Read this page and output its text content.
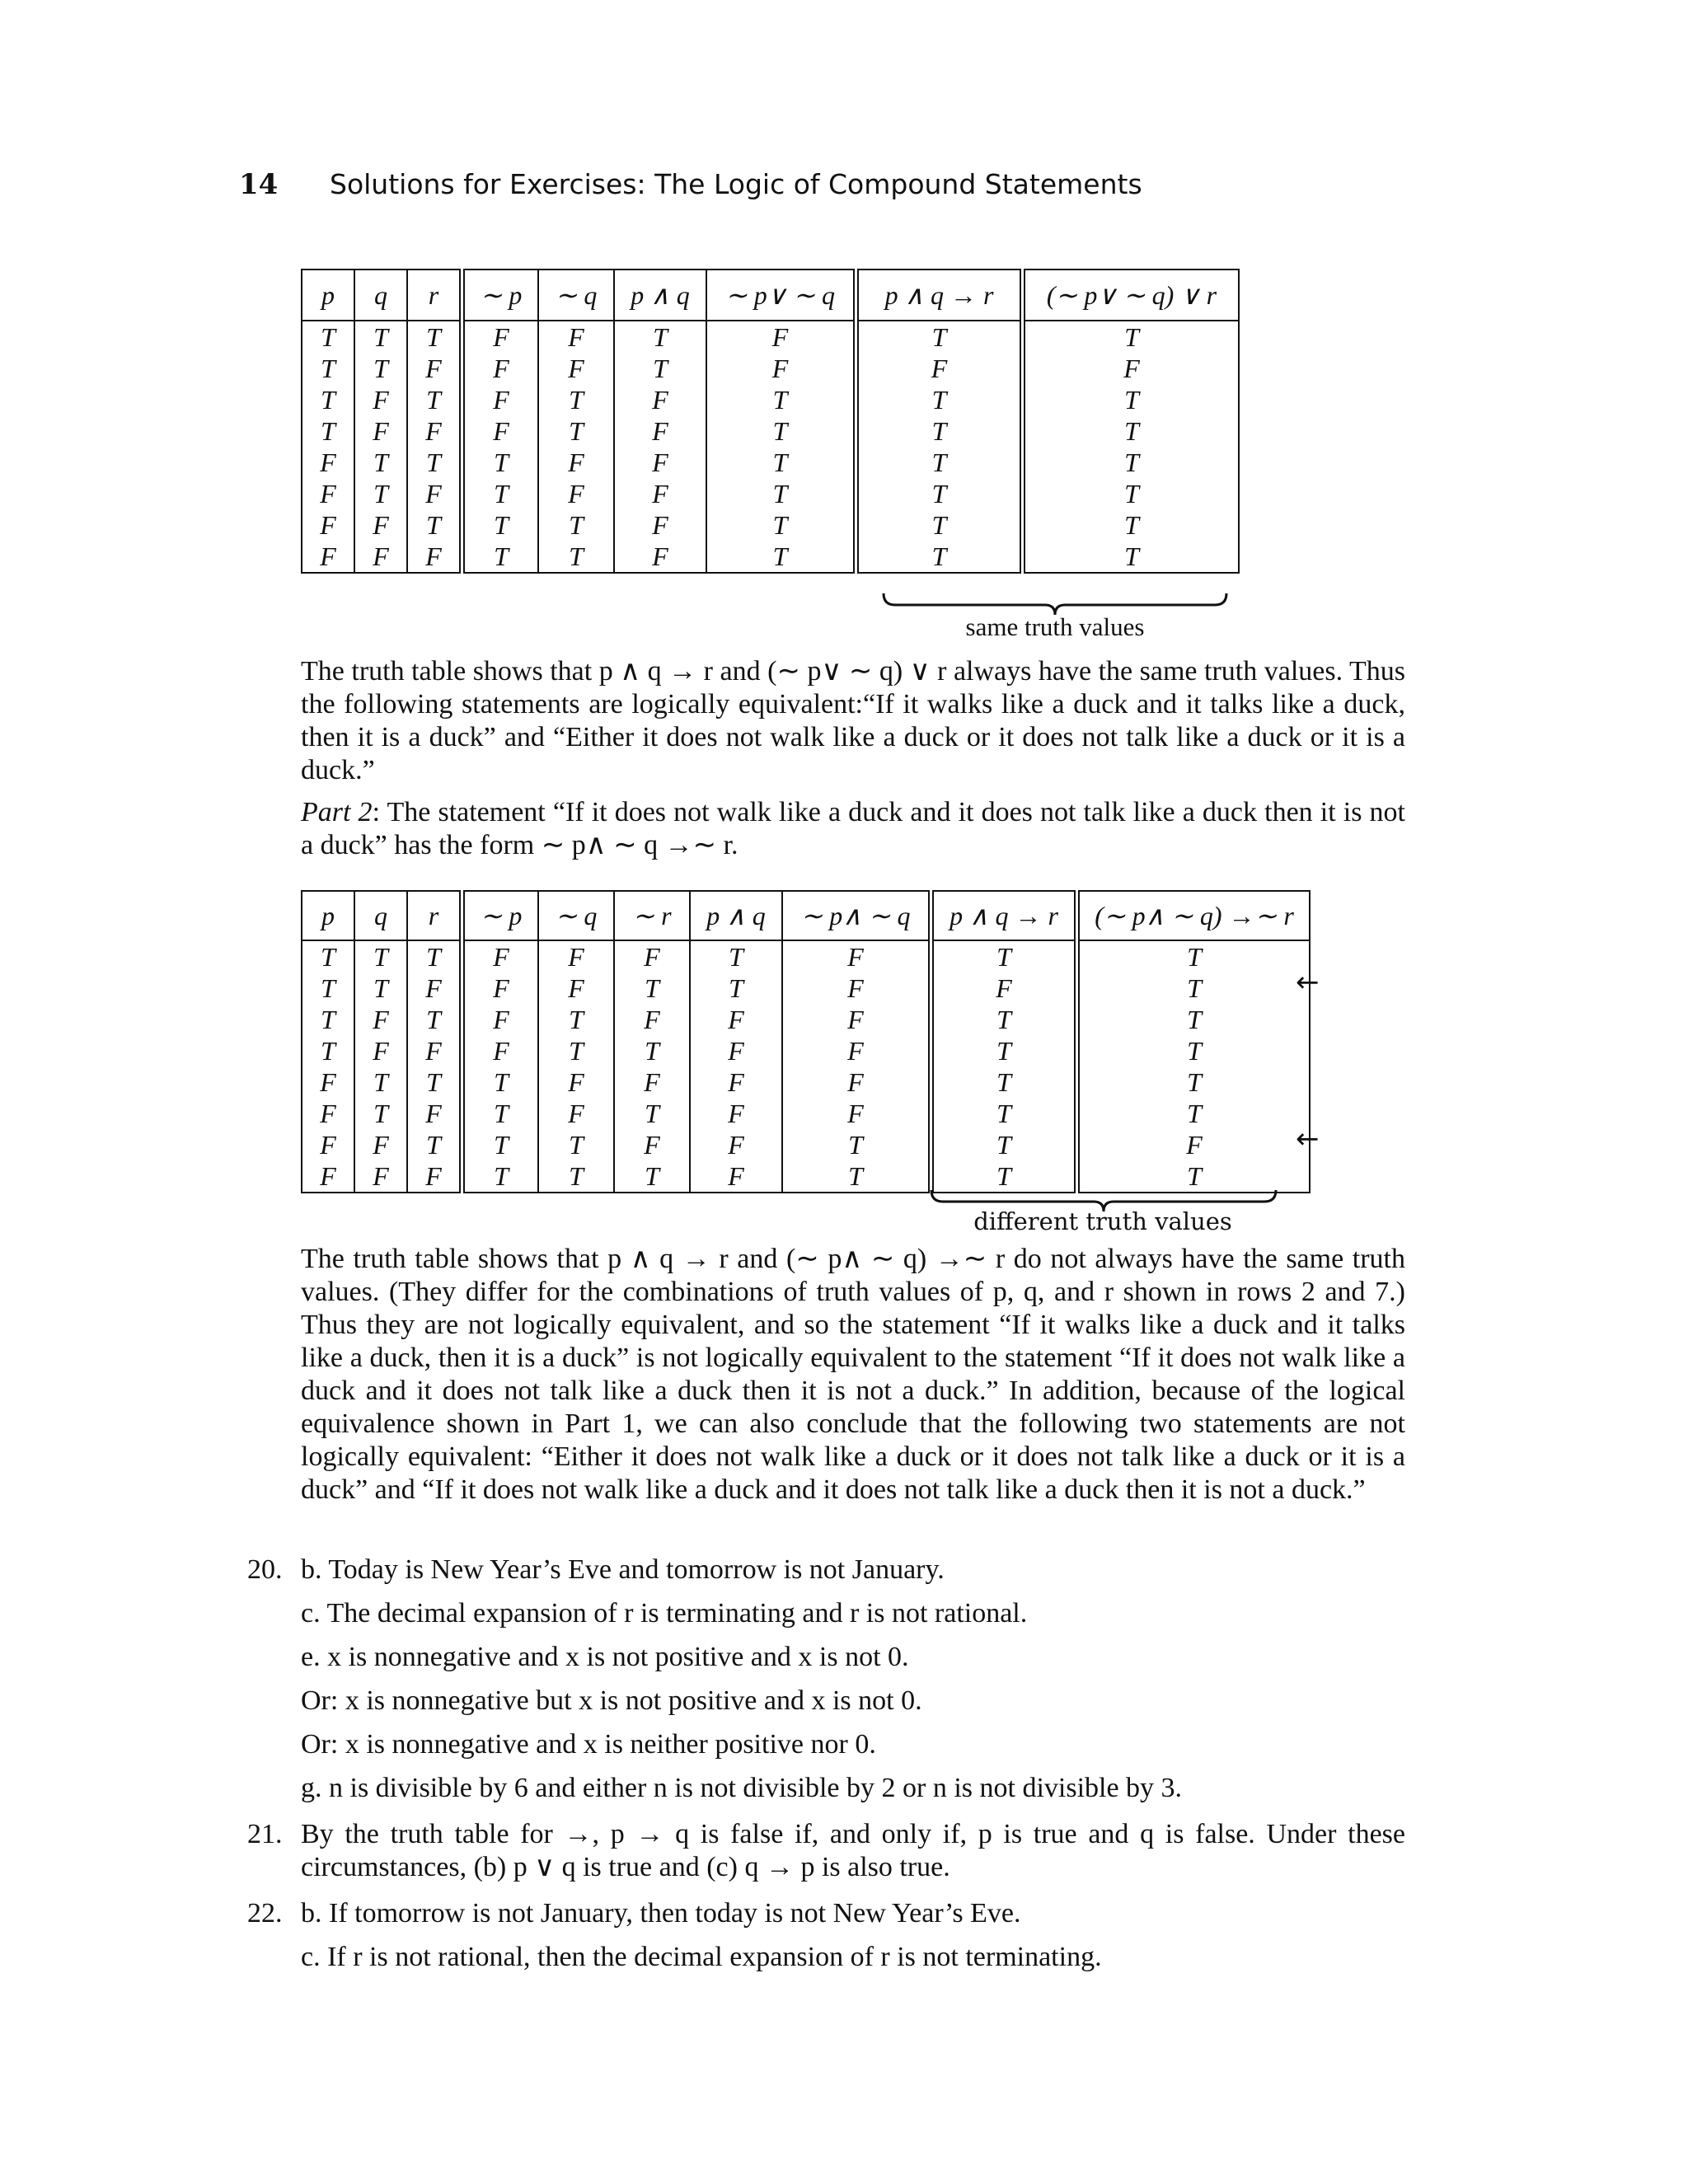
14 Solutions for Exercises: The Logic of Compound Statements
p	q	r	∼ p	∼ q	p ∧ q	∼ p∨ ∼ q	p ∧ q → r	(∼ p∨ ∼ q) ∨ r
T	T	T	F	F	T	F	T	T
T	T	F	F	F	T	F	F	F
T	F	T	F	T	F	T	T	T
T	F	F	F	T	F	T	T	T
F	T	T	T	F	F	T	T	T
F	T	F	T	F	F	T	T	T
F	F	T	T	T	F	T	T	T
F	F	F	T	T	F	T	T	T
same truth values
The truth table shows that p ∧ q → r and (∼ p∨ ∼ q) ∨ r always have the same truth values. Thus the following statements are logically equivalent:“If it walks like a duck and it talks like a duck, then it is a duck” and “Either it does not walk like a duck or it does not talk like a duck or it is a duck.”
Part 2: The statement “If it does not walk like a duck and it does not talk like a duck then it is not a duck” has the form ∼ p∧ ∼ q →∼ r.
p	q	r	∼ p	∼ q	∼ r	p ∧ q	∼ p∧ ∼ q	p ∧ q → r	(∼ p∧ ∼ q) →∼ r
T	T	T	F	F	F	T	F	T	T
T	T	F	F	F	T	T	F	F	T
T	F	T	F	T	F	F	F	T	T
T	F	F	F	T	T	F	F	T	T
F	T	T	T	F	F	F	F	T	T
F	T	F	T	F	T	F	F	T	T
F	F	T	T	T	F	F	T	T	F
F	F	F	T	T	T	F	T	T	T
←
←
different truth values
The truth table shows that p ∧ q → r and (∼ p∧ ∼ q) →∼ r do not always have the same truth values. (They differ for the combinations of truth values of p, q, and r shown in rows 2 and 7.) Thus they are not logically equivalent, and so the statement “If it walks like a duck and it talks like a duck, then it is a duck” is not logically equivalent to the statement “If it does not walk like a duck and it does not talk like a duck then it is not a duck.” In addition, because of the logical equivalence shown in Part 1, we can also conclude that the following two statements are not logically equivalent: “Either it does not walk like a duck or it does not talk like a duck or it is a duck” and “If it does not walk like a duck and it does not talk like a duck then it is not a duck.”
20. b. Today is New Year’s Eve and tomorrow is not January.
c. The decimal expansion of r is terminating and r is not rational.
e. x is nonnegative and x is not positive and x is not 0.
Or: x is nonnegative but x is not positive and x is not 0.
Or: x is nonnegative and x is neither positive nor 0.
g. n is divisible by 6 and either n is not divisible by 2 or n is not divisible by 3.
21. By the truth table for →, p → q is false if, and only if, p is true and q is false. Under these circumstances, (b) p ∨ q is true and (c) q → p is also true.
22. b. If tomorrow is not January, then today is not New Year’s Eve.
c. If r is not rational, then the decimal expansion of r is not terminating.
